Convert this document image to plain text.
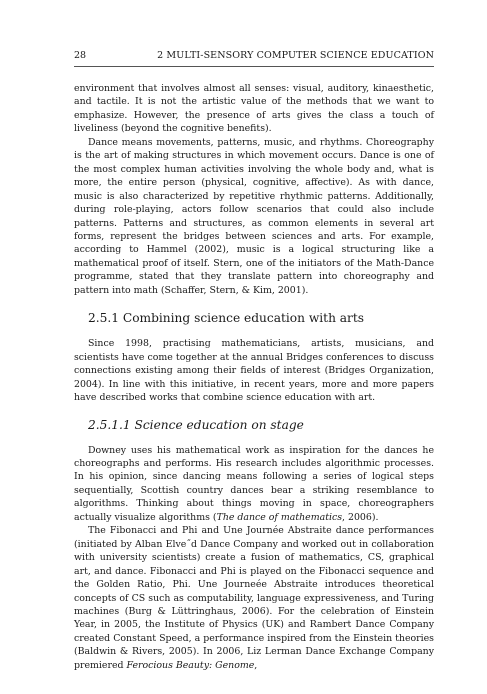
28	2 MULTI-SENSORY COMPUTER SCIENCE EDUCATION

environment that involves almost all senses: visual, auditory, kinaesthetic, and tactile. It is not the artistic value of the methods that we want to emphasize. However, the presence of arts gives the class a touch of liveliness (beyond the cognitive benefits).

Dance means movements, patterns, music, and rhythms. Choreography is the art of making structures in which movement occurs. Dance is one of the most complex human activities involving the whole body and, what is more, the entire person (physical, cognitive, affective). As with dance, music is also characterized by repetitive rhythmic patterns. Additionally, during role-playing, actors follow scenarios that could also include patterns. Patterns and structures, as common elements in several art forms, represent the bridges between sciences and arts. For example, according to Hammel (2002), music is a logical structuring like a mathematical proof of itself. Stern, one of the initiators of the Math-Dance programme, stated that they translate pattern into choreography and pattern into math (Schaffer, Stern, & Kim, 2001).

2.5.1 Combining science education with arts

Since 1998, practising mathematicians, artists, musicians, and scientists have come together at the annual Bridges conferences to discuss connections existing among their fields of interest (Bridges Organization, 2004). In line with this initiative, in recent years, more and more papers have described works that combine science education with art.

2.5.1.1 Science education on stage

Downey uses his mathematical work as inspiration for the dances he choreographs and performs. His research includes algorithmic processes. In his opinion, since dancing means following a series of logical steps sequentially, Scottish country dances bear a striking resemblance to algorithms. Thinking about things moving in space, choreographers actually visualize algorithms (The dance of mathematics, 2006).

The Fibonacci and Phi and Une Journée Abstraite dance performances (initiated by Alban Elve˝d Dance Company and worked out in collaboration with university scientists) create a fusion of mathematics, CS, graphical art, and dance. Fibonacci and Phi is played on the Fibonacci sequence and the Golden Ratio, Phi. Une Journeée Abstraite introduces theoretical concepts of CS such as computability, language expressiveness, and Turing machines (Burg & Lüttringhaus, 2006). For the celebration of Einstein Year, in 2005, the Institute of Physics (UK) and Rambert Dance Company created Constant Speed, a performance inspired from the Einstein theories (Baldwin & Rivers, 2005). In 2006, Liz Lerman Dance Exchange Company premiered Ferocious Beauty: Genome,
